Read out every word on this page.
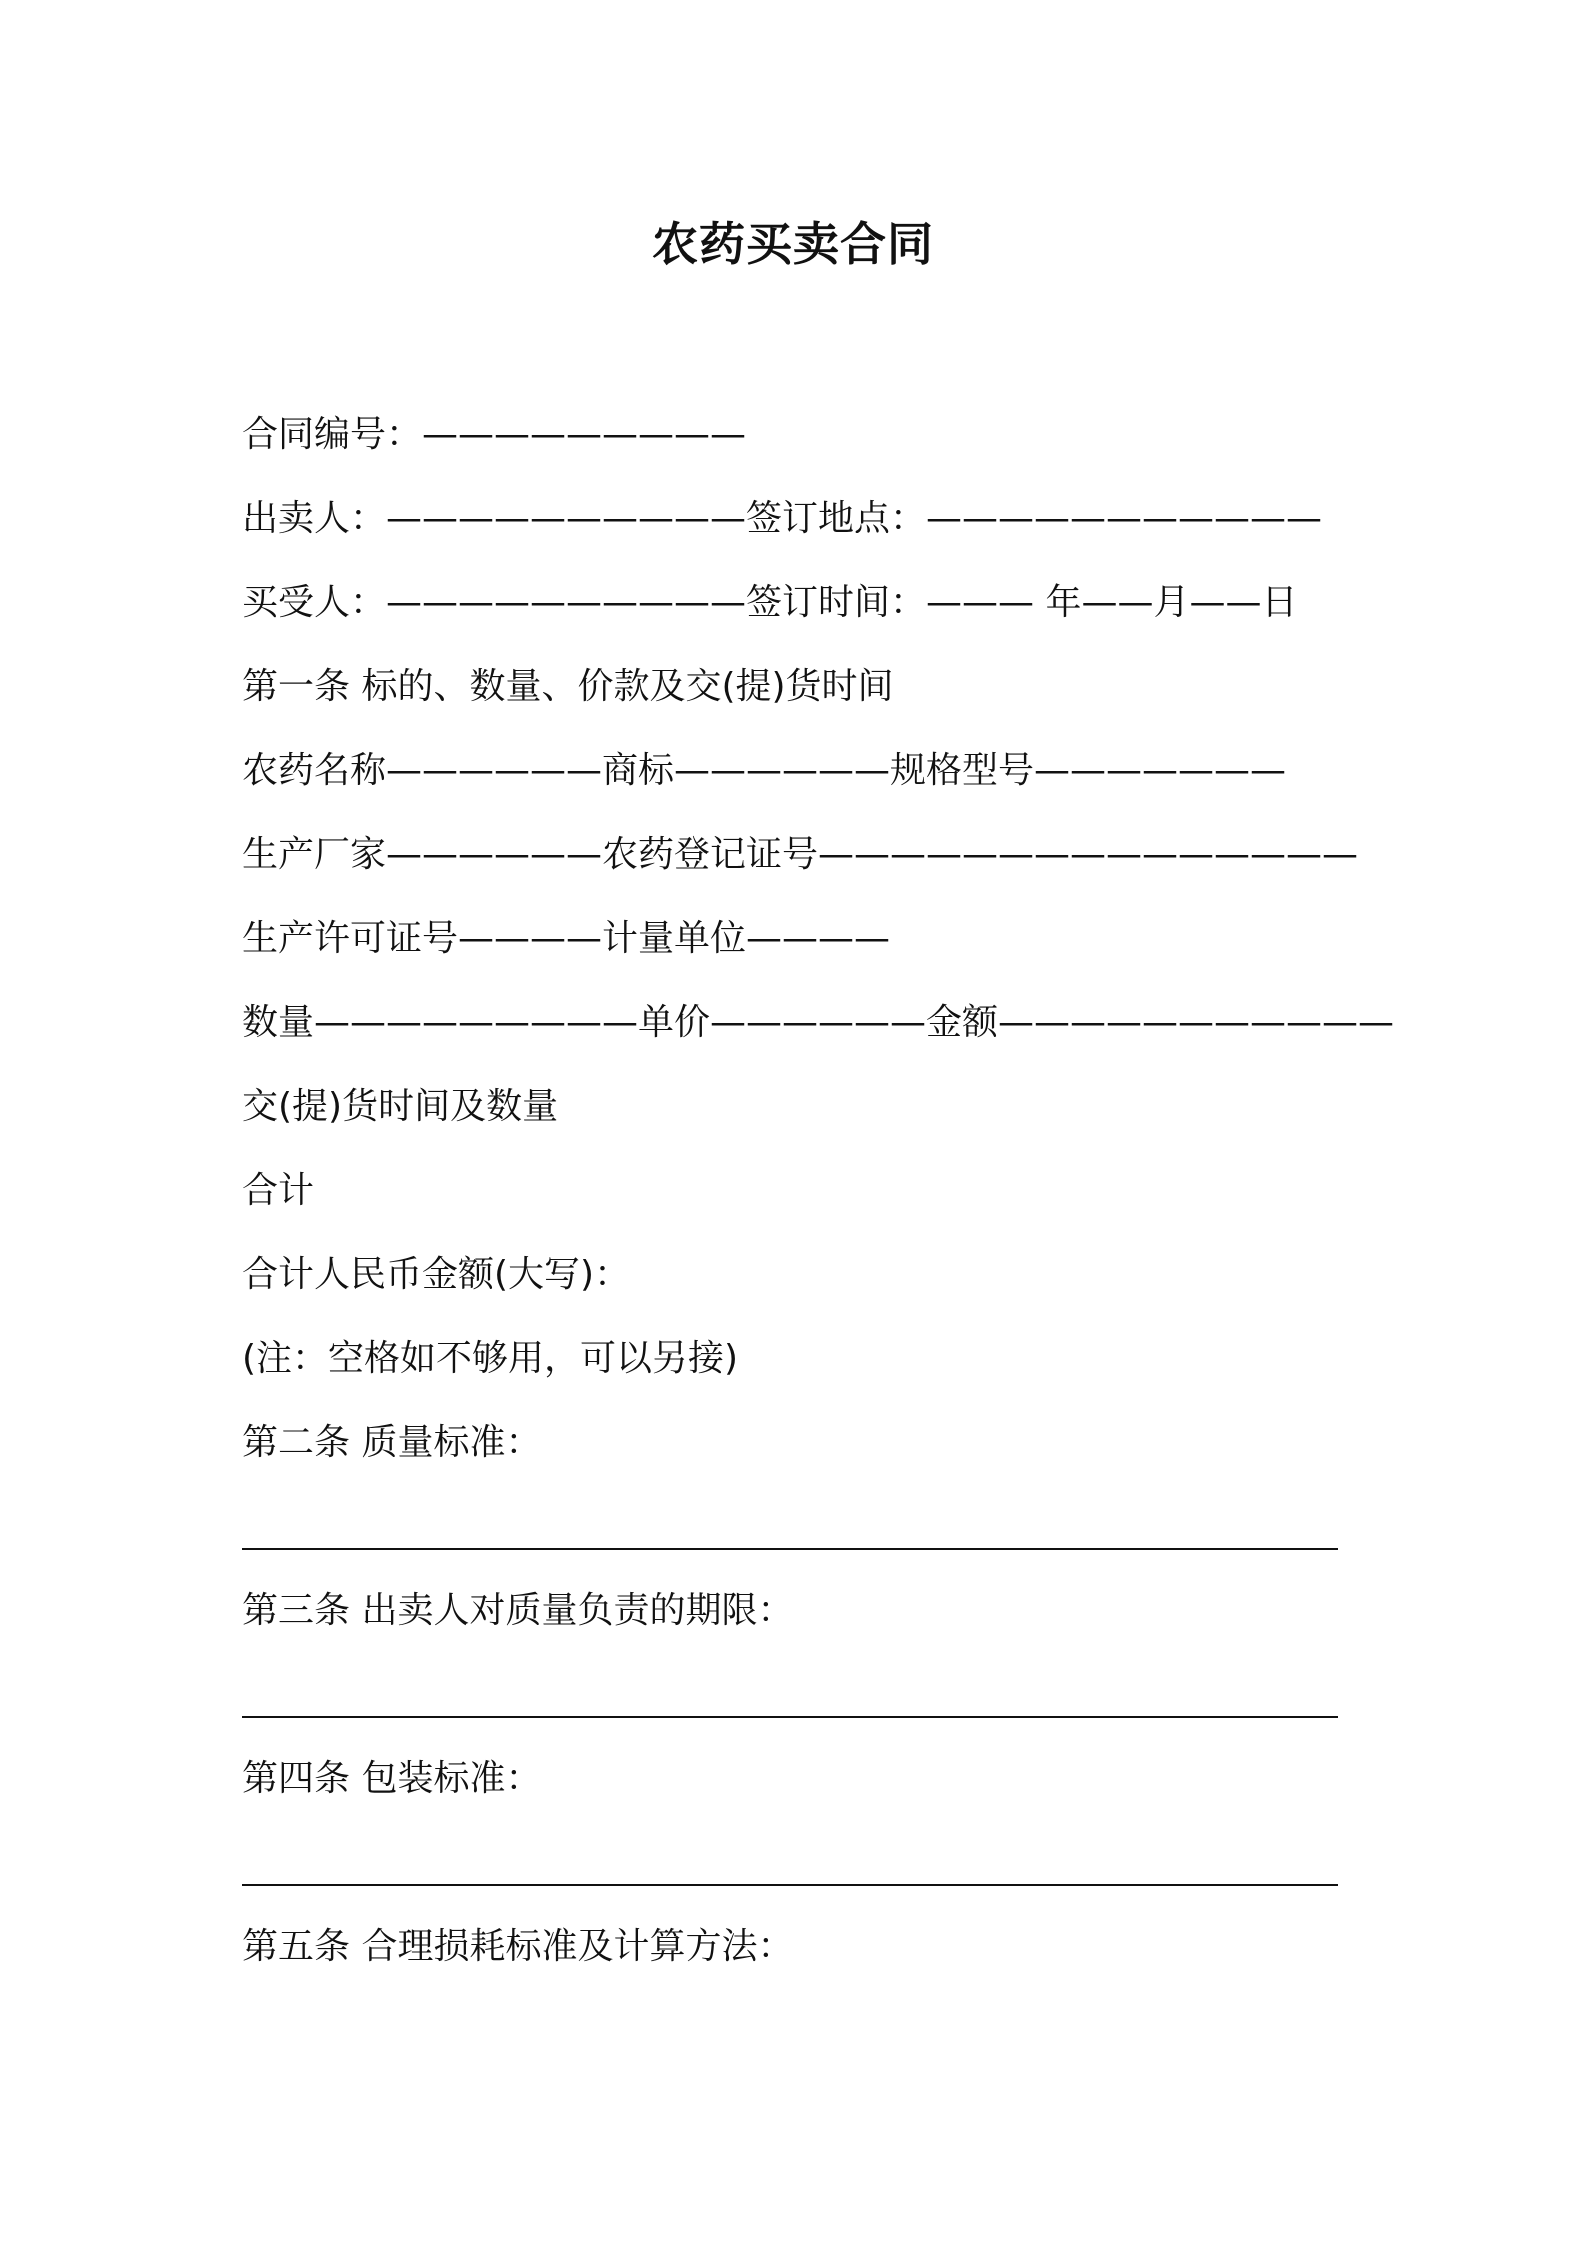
农药买卖合同
合同编号：—————————
出卖人：——————————签订地点：———————————
买受人：——————————签订时间：——— 年——月——日
第一条 标的、数量、价款及交(提)货时间
农药名称——————商标——————规格型号———————
生产厂家——————农药登记证号———————————————
生产许可证号————计量单位————
数量—————————单价——————金额———————————
交(提)货时间及数量
合计
合计人民币金额(大写)：
(注：空格如不够用，可以另接)
第二条 质量标准：
第三条 出卖人对质量负责的期限：
第四条 包装标准：
第五条 合理损耗标准及计算方法：
